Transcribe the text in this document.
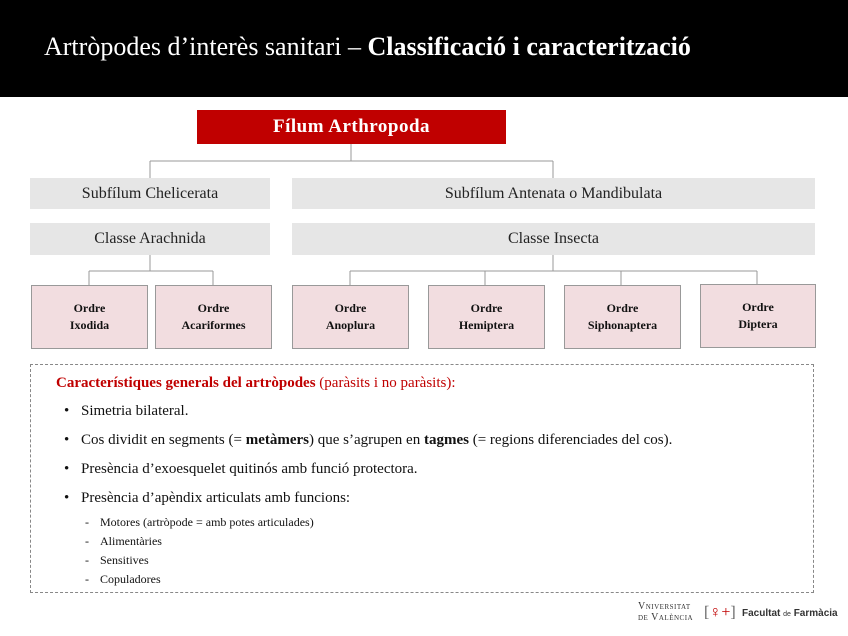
Artròpodes d’interès sanitari – Classificació i caracterització
Fílum Arthropoda
Subfílum Chelicerata	Subfílum Antenata o Mandibulata
Classe Arachnida	Classe Insecta
Ordre
Ixodida
Ordre
Acariformes
Ordre
Anoplura
Ordre
Hemiptera
Ordre
Siphonaptera
Ordre
Diptera
Característiques generals del artròpodes (paràsits i no paràsits):
• Simetria bilateral.
• Cos dividit en segments (= metàmers) que s’agrupen en tagmes (= regions diferenciades del cos).
• Presència d’exoesquelet quitinós amb funció protectora.
• Presència d’apèndix articulats amb funcions:
- Motores (artròpode = amb potes articulades)
- Alimentàries
- Sensitives
- Copuladores
Vniversitat
de València [♀+] Facultat de Farmàcia
